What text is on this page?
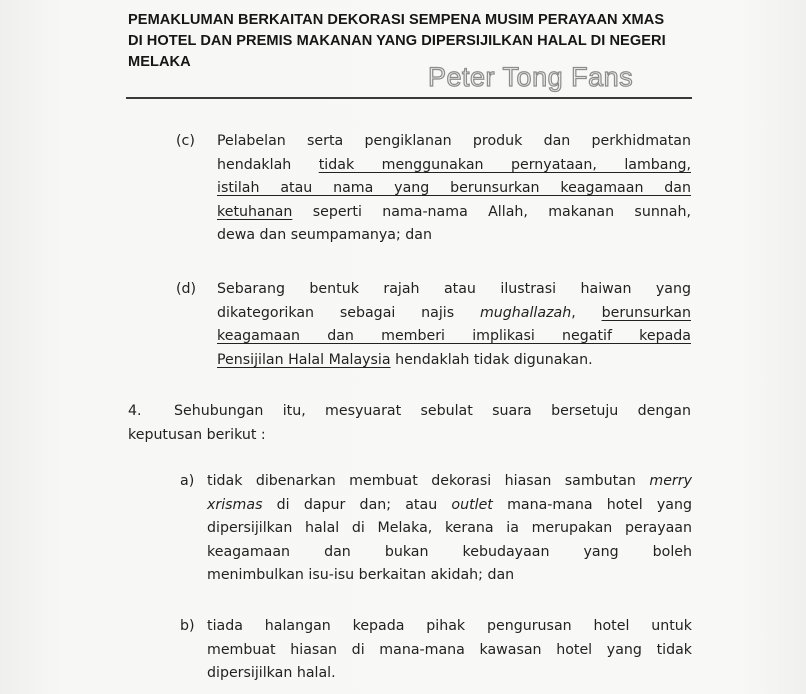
PEMAKLUMAN BERKAITAN DEKORASI SEMPENA MUSIM PERAYAAN XMAS
DI HOTEL DAN PREMIS MAKANAN YANG DIPERSIJILKAN HALAL DI NEGERI
MELAKA	Peter Tong Fans
(c) Pelabelan serta pengiklanan produk dan perkhidmatan
hendaklah tidak menggunakan pernyataan, lambang,
istilah atau nama yang berunsurkan keagamaan dan
ketuhanan seperti nama-nama Allah, makanan sunnah,
dewa dan seumpamanya; dan
(d) Sebarang bentuk rajah atau ilustrasi haiwan yang
dikategorikan sebagai najis mughallazah, berunsurkan
keagamaan dan memberi implikasi negatif kepada
Pensijilan Halal Malaysia hendaklah tidak digunakan.
4. Sehubungan itu, mesyuarat sebulat suara bersetuju dengan
keputusan berikut :
a) tidak dibenarkan membuat dekorasi hiasan sambutan merry
xrismas di dapur dan; atau outlet mana-mana hotel yang
dipersijilkan halal di Melaka, kerana ia merupakan perayaan
keagamaan dan bukan kebudayaan yang boleh
menimbulkan isu-isu berkaitan akidah; dan
b) tiada halangan kepada pihak pengurusan hotel untuk
membuat hiasan di mana-mana kawasan hotel yang tidak
dipersijilkan halal.
